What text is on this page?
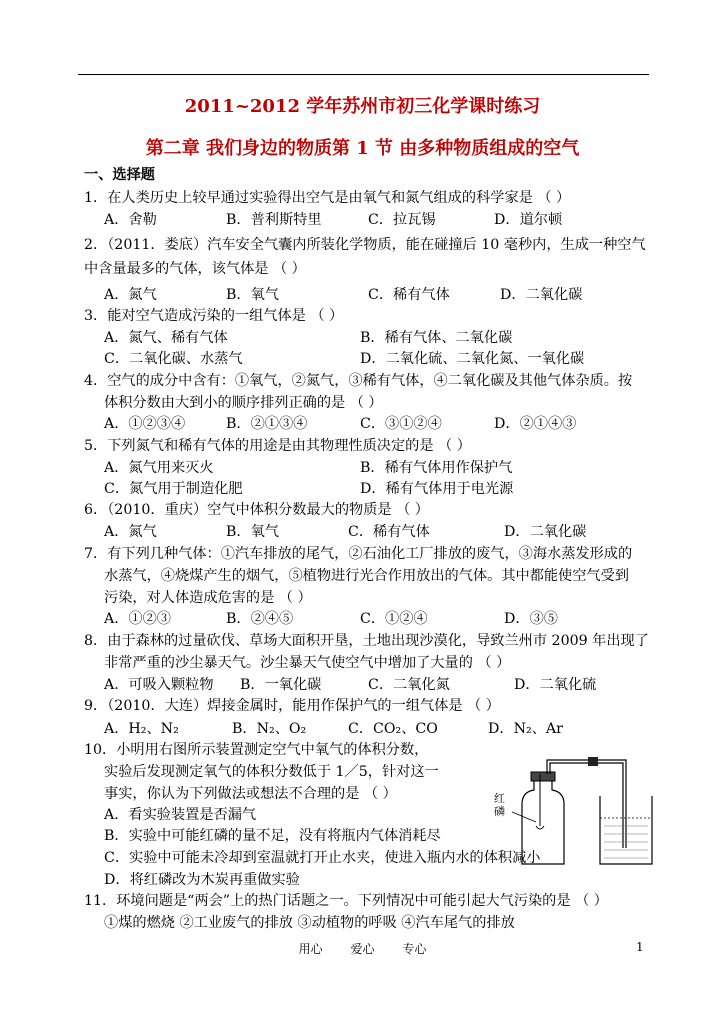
2011~2012 学年苏州市初三化学课时练习
第二章 我们身边的物质第 1 节 由多种物质组成的空气
一、选择题
1．在人类历史上较早通过实验得出空气是由氧气和氮气组成的科学家是 （ ）
A．舍勒	B．普利斯特里	C．拉瓦锡	D．道尔顿
2．（2011．娄底）汽车安全气囊内所装化学物质，能在碰撞后 10 毫秒内，生成一种空气
中含量最多的气体，该气体是 （ ）
A．氮气	B．氧气	C．稀有气体	D．二氧化碳
3．能对空气造成污染的一组气体是 （ ）
A．氮气、稀有气体	B．稀有气体、二氧化碳
C．二氧化碳、水蒸气	D．二氧化硫、二氧化氮、一氧化碳
4．空气的成分中含有：①氧气，②氮气，③稀有气体，④二氧化碳及其他气体杂质。按
体积分数由大到小的顺序排列正确的是 （ ）
A．①②③④	B．②①③④	C．③①②④	D．②①④③
5．下列氮气和稀有气体的用途是由其物理性质决定的是 （ ）
A．氮气用来灭火	B．稀有气体用作保护气
C．氮气用于制造化肥	D．稀有气体用于电光源
6．（2010．重庆）空气中体积分数最大的物质是 （ ）
A．氮气	B．氧气	C．稀有气体	D．二氧化碳
7．有下列几种气体：①汽车排放的尾气，②石油化工厂排放的废气，③海水蒸发形成的
水蒸气，④烧煤产生的烟气，⑤植物进行光合作用放出的气体。其中都能使空气受到
污染，对人体造成危害的是 （ ）
A．①②③	B．②④⑤	C．①②④	D．③⑤
8．由于森林的过量砍伐、草场大面积开垦，土地出现沙漠化，导致兰州市 2009 年出现了
非常严重的沙尘暴天气。沙尘暴天气使空气中增加了大量的 （ ）
A．可吸入颗粒物 B．一氧化碳	C．二氧化氮	D．二氧化硫
9．（2010．大连）焊接金属时，能用作保护气的一组气体是 （ ）
A．H₂、N₂	B．N₂、O₂	C．CO₂、CO	D．N₂、Ar
10．小明用右图所示装置测定空气中氧气的体积分数，
实验后发现测定氧气的体积分数低于 1／5，针对这一
事实，你认为下列做法或想法不合理的是 （ ）
A．看实验装置是否漏气
B．实验中可能红磷的量不足，没有将瓶内气体消耗尽
C．实验中可能未冷却到室温就打开止水夹，使进入瓶内水的体积减小
D．将红磷改为木炭再重做实验
11．环境问题是“两会”上的热门话题之一。下列情况中可能引起大气污染的是 （ ）
①煤的燃烧 ②工业废气的排放 ③动植物的呼吸 ④汽车尾气的排放
红磷
用心 爱心 专心	1
